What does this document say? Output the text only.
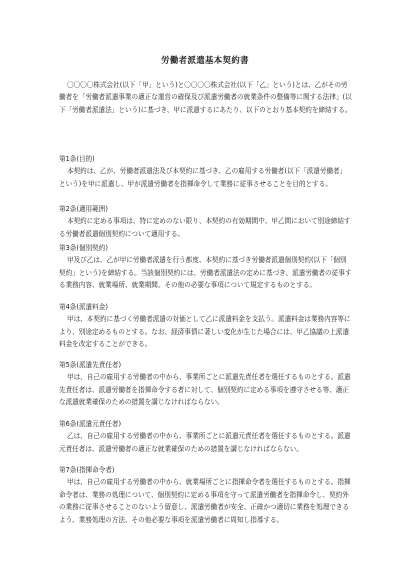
労働者派遣基本契約書

〇〇〇〇株式会社(以下「甲」という)と〇〇〇〇株式会社(以下「乙」という)とは、乙がその労働者を「労働者派遣事業の適正な運営の確保及び派遣労働者の就業条件の整備等に関する法律」(以下「労働者派遣法」という)に基づき、甲に派遣するにあたり、以下のとおり基本契約を締結する。

第1条(目的)

本契約は、乙が、労働者派遣法及び本契約に基づき、乙の雇用する労働者(以下「派遣労働者」という)を甲に派遣し、甲が派遣労働者を指揮命令して業務に従事させることを目的とする。

第2条(適用範囲)

本契約に定める事項は、特に定めのない限り、本契約の有効期間中、甲乙間において別途締結する労働者派遣個別契約について適用する。

第3条(個別契約)

甲及び乙は、乙が甲に労働者派遣を行う都度、本契約に基づき労働者派遣個別契約(以下「個別契約」という)を締結する。当該個別契約には、労働者派遣法の定めに基づき、派遣労働者の従事する業務内容、就業場所、就業期間、その他の必要な事項について規定するものとする。

第4条(派遣料金)

甲は、本契約に基づく労働者派遣の対価として乙に派遣料金を支払う。派遣料金は業務内容等により、別途定めるものとする。なお、経済事情に著しい変化が生じた場合には、甲乙協議の上派遣料金を改定することができる。

第5条(派遣先責任者)

甲は、自己の雇用する労働者の中から、事業所ごとに派遣先責任者を選任するものとする。派遣先責任者は、派遣労働者を指揮命令する者に対して、個別契約に定める事項を遵守させる等、適正な派遣就業確保のための措置を講じなければならない。

第6条(派遣元責任者)

乙は、自己の雇用する労働者の中から、事業所ごとに派遣元責任者を選任するものとする。派遣元責任者は、派遣労働者の適正な就業確保のための措置を講じなければならない。

第7条(指揮命令者)

甲は、自己の雇用する労働者の中から、就業場所ごとに指揮命令者を選任するものとする。指揮命令者は、業務の処理について、個別契約に定める事項を守って派遣労働者を指揮命令し、契約外の業務に従事させることのないよう留意し、派遣労働者が安全、正確かつ適切に業務を処理できるよう、業務処理の方法、その他必要な事項を派遣労働者に周知し指導する。
